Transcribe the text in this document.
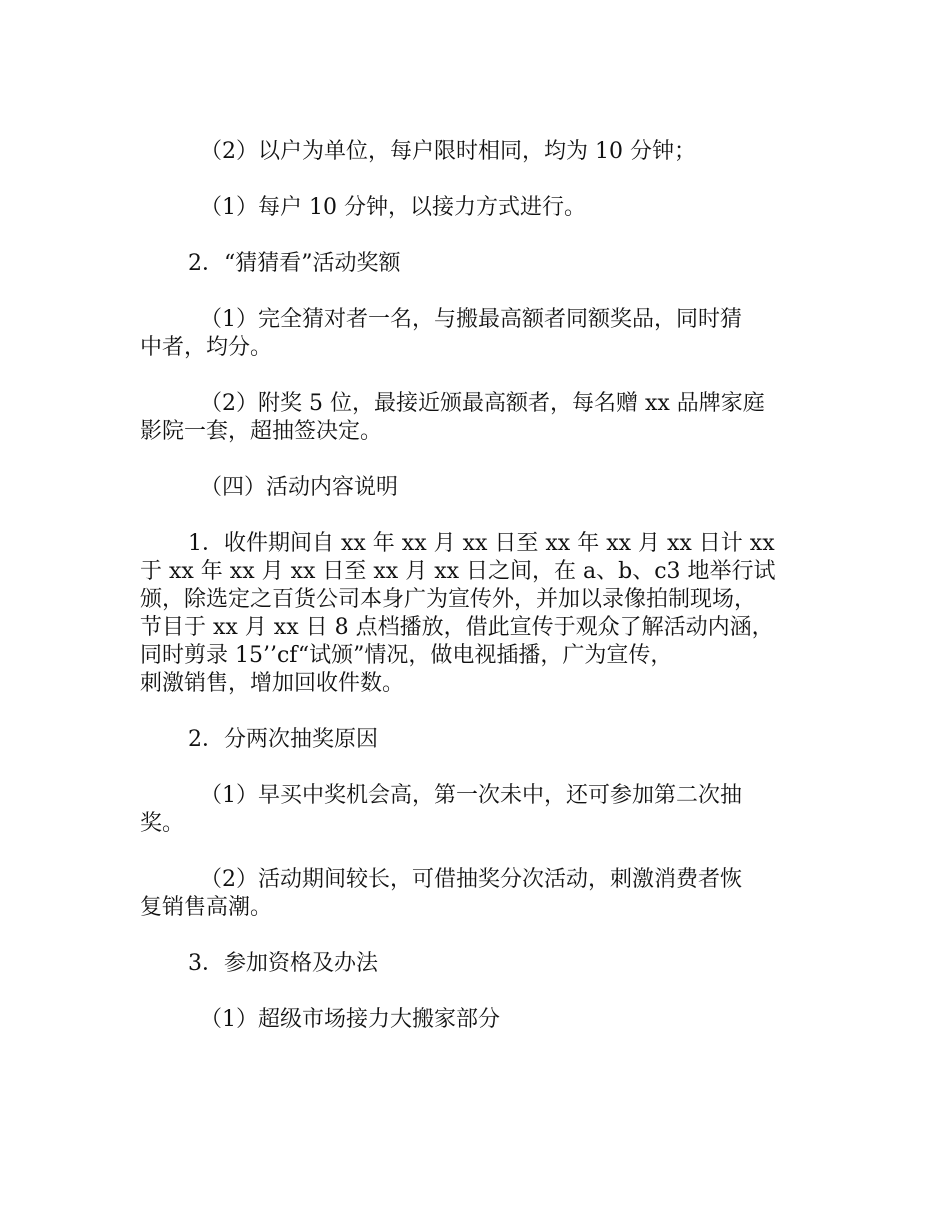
（2）以户为单位，每户限时相同，均为 10 分钟；

（1）每户 10 分钟，以接力方式进行。

2．“猜猜看”活动奖额

（1）完全猜对者一名，与搬最高额者同额奖品，同时猜
中者，均分。

（2）附奖 5 位，最接近颁最高额者，每名赠 xx 品牌家庭
影院一套，超抽签决定。

（四）活动内容说明

1．收件期间自 xx 年 xx 月 xx 日至 xx 年 xx 月 xx 日计 xx
于 xx 年 xx 月 xx 日至 xx 月 xx 日之间，在 a、b、c3 地举行试
颁，除选定之百货公司本身广为宣传外，并加以录像拍制现场，
节目于 xx 月 xx 日 8 点档播放，借此宣传于观众了解活动内涵，
同时剪录 15’’cf“试颁”情况，做电视插播，广为宣传，
刺激销售，增加回收件数。

2．分两次抽奖原因

（1）早买中奖机会高，第一次未中，还可参加第二次抽
奖。

（2）活动期间较长，可借抽奖分次活动，刺激消费者恢
复销售高潮。

3．参加资格及办法

（1）超级市场接力大搬家部分
